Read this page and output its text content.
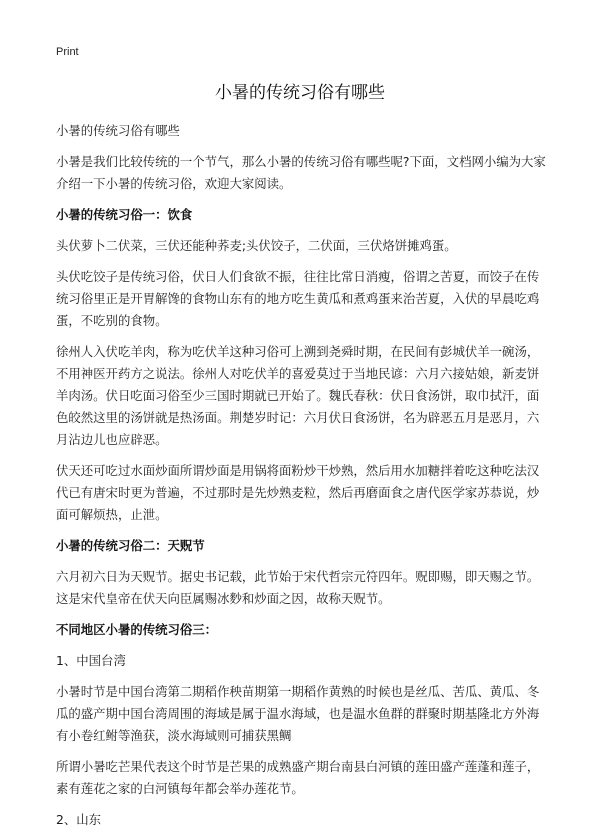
Print
小暑的传统习俗有哪些
小暑的传统习俗有哪些
小暑是我们比较传统的一个节气，那么小暑的传统习俗有哪些呢?下面，文档网小编为大家介绍一下小暑的传统习俗，欢迎大家阅读。
小暑的传统习俗一：饮食
头伏萝卜二伏菜，三伏还能种荞麦;头伏饺子，二伏面，三伏烙饼摊鸡蛋。
头伏吃饺子是传统习俗，伏日人们食欲不振，往往比常日消瘦，俗谓之苦夏，而饺子在传统习俗里正是开胃解馋的食物山东有的地方吃生黄瓜和煮鸡蛋来治苦夏，入伏的早晨吃鸡蛋，不吃别的食物。
徐州人入伏吃羊肉，称为吃伏羊这种习俗可上溯到尧舜时期，在民间有彭城伏羊一碗汤，不用神医开药方之说法。徐州人对吃伏羊的喜爱莫过于当地民谚：六月六接姑娘，新麦饼羊肉汤。伏日吃面习俗至少三国时期就已开始了。魏氏春秋：伏日食汤饼，取巾拭汗，面色皎然这里的汤饼就是热汤面。荆楚岁时记：六月伏日食汤饼，名为辟恶五月是恶月，六月沾边儿也应辟恶。
伏天还可吃过水面炒面所谓炒面是用锅将面粉炒干炒熟，然后用水加糖拌着吃这种吃法汉代已有唐宋时更为普遍，不过那时是先炒熟麦粒，然后再磨面食之唐代医学家苏恭说，炒面可解烦热，止泄。
小暑的传统习俗二：天贶节
六月初六日为天贶节。据史书记载，此节始于宋代哲宗元符四年。贶即赐，即天赐之节。这是宋代皇帝在伏天向臣属赐冰麨和炒面之因，故称天贶节。
不同地区小暑的传统习俗三：
1、中国台湾
小暑时节是中国台湾第二期稻作秧苗期第一期稻作黄熟的时候也是丝瓜、苦瓜、黄瓜、冬瓜的盛产期中国台湾周围的海域是属于温水海域，也是温水鱼群的群聚时期基隆北方外海有小卷红鲋等渔获，淡水海域则可捕获黑鲷
所谓小暑吃芒果代表这个时节是芒果的成熟盛产期台南县白河镇的莲田盛产莲蓬和莲子，素有莲花之家的白河镇每年都会举办莲花节。
2、山东
